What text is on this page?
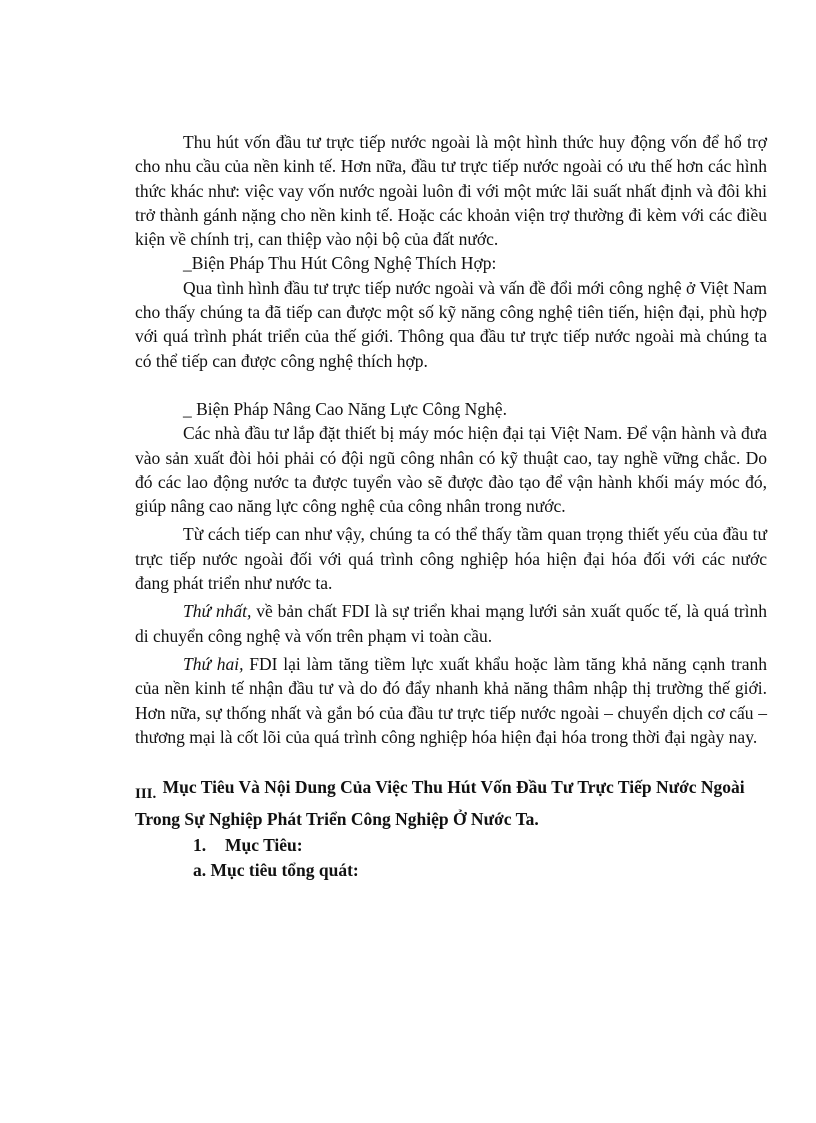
Thu hút vốn đầu tư trực tiếp nước ngoài là một hình thức huy động vốn để hổ trợ cho nhu cầu của nền kinh tế. Hơn nữa, đầu tư trực tiếp nước ngoài có ưu thế hơn các hình thức khác như: việc vay vốn nước ngoài luôn đi với một mức lãi suất nhất định và đôi khi trở thành gánh nặng cho nền kinh tế. Hoặc các khoản viện trợ thường đi kèm với các điều kiện về chính trị, can thiệp vào nội bộ của đất nước.

_Biện Pháp Thu Hút Công Nghệ Thích Hợp:

Qua tình hình đầu tư trực tiếp nước ngoài và vấn đề đổi mới công nghệ ở Việt Nam cho thấy chúng ta đã tiếp can được một số kỹ năng công nghệ tiên tiến, hiện đại, phù hợp với quá trình phát triển của thế giới. Thông qua đầu tư trực tiếp nước ngoài mà chúng ta có thể tiếp can được công nghệ thích hợp.

_ Biện Pháp Nâng Cao Năng Lực Công Nghệ.

Các nhà đầu tư lắp đặt thiết bị máy móc hiện đại tại Việt Nam. Để vận hành và đưa vào sản xuất đòi hỏi phải có đội ngũ công nhân có kỹ thuật cao, tay nghề vững chắc. Do đó các lao động nước ta được tuyển vào sẽ được đào tạo để vận hành khối máy móc đó, giúp nâng cao năng lực công nghệ của công nhân trong nước.

Từ cách tiếp can như vậy, chúng ta có thể thấy tầm quan trọng thiết yếu của đầu tư trực tiếp nước ngoài đối với quá trình công nghiệp hóa hiện đại hóa đối với các nước đang phát triển như nước ta.

Thứ nhất, về bản chất FDI là sự triển khai mạng lưới sản xuất quốc tế, là quá trình di chuyển công nghệ và vốn trên phạm vi toàn cầu.

Thứ hai, FDI lại làm tăng tiềm lực xuất khẩu hoặc làm tăng khả năng cạnh tranh của nền kinh tế nhận đầu tư và do đó đẩy nhanh khả năng thâm nhập thị trường thế giới. Hơn nữa, sự thống nhất và gắn bó của đầu tư trực tiếp nước ngoài – chuyển dịch cơ cấu – thương mại là cốt lõi của quá trình công nghiệp hóa hiện đại hóa trong thời đại ngày nay.

III. Mục Tiêu Và Nội Dung Của Việc Thu Hút Vốn Đầu Tư Trực Tiếp Nước Ngoài Trong Sự Nghiệp Phát Triển Công Nghiệp Ở Nước Ta.
1. Mục Tiêu:
a. Mục tiêu tổng quát:
